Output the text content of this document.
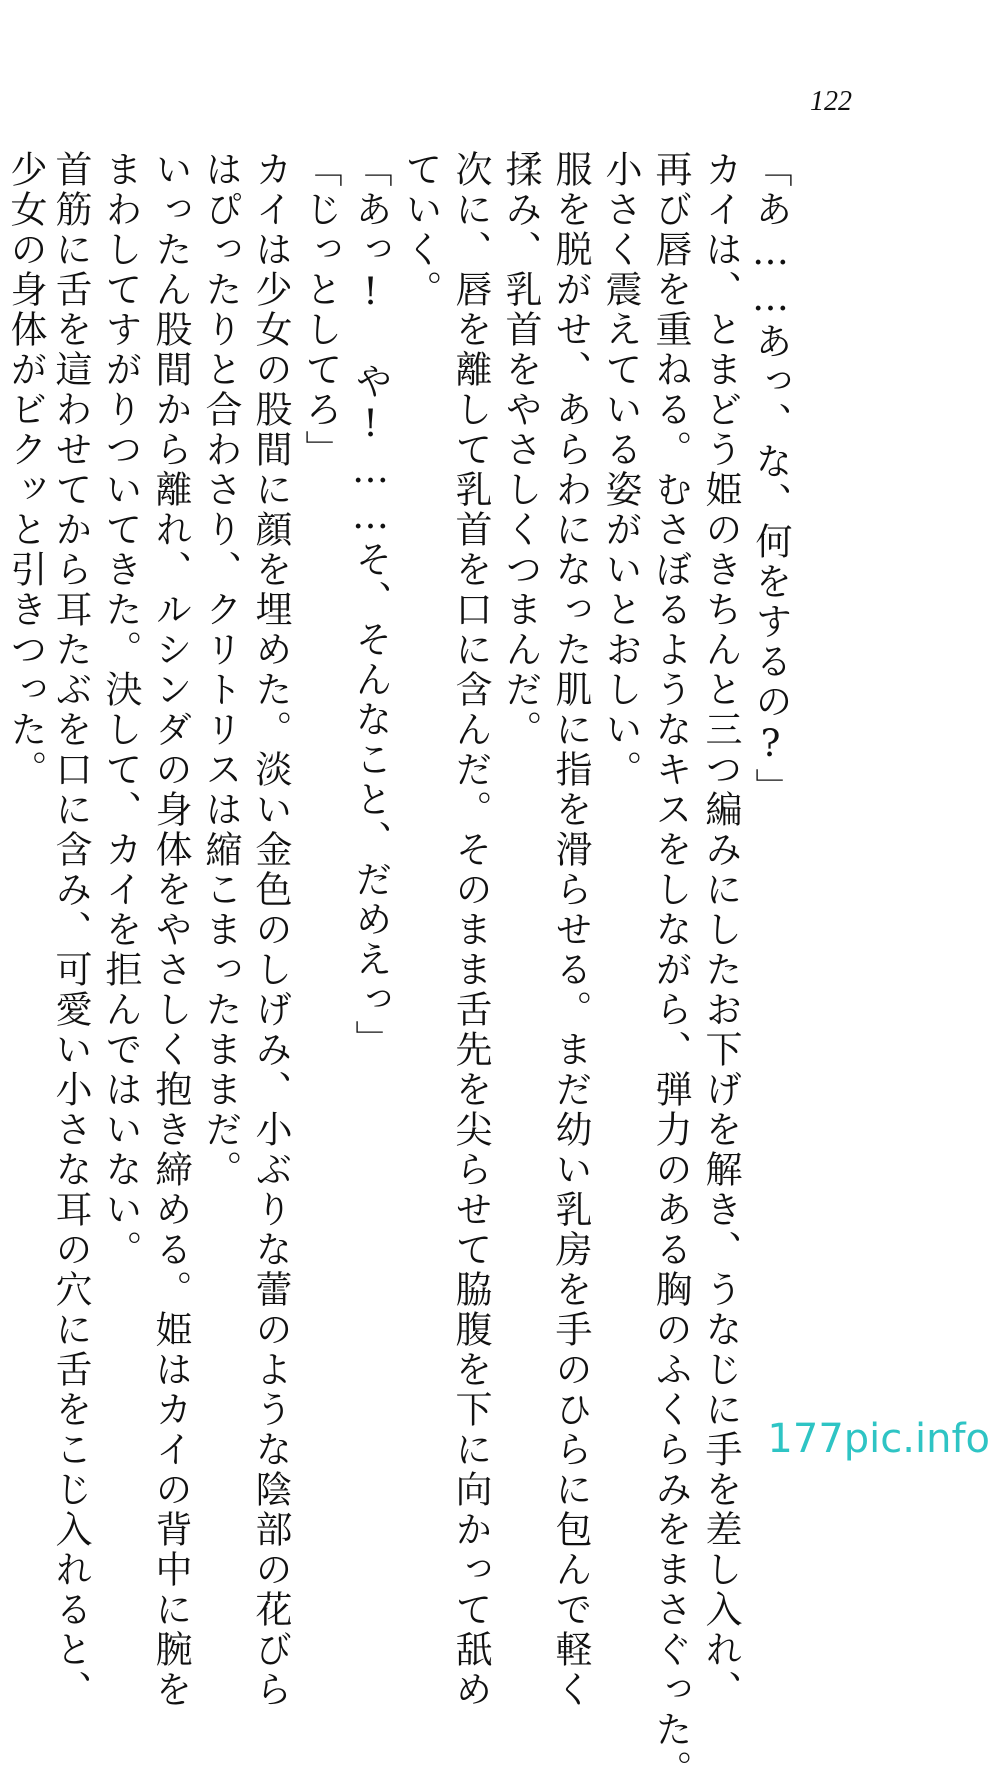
122
「あ……あっ、な、何をするの?」
カイは、とまどう姫のきちんと三つ編みにしたお下げを解き、うなじに手を差し入れ、
再び唇を重ねる。むさぼるようなキスをしながら、弾力のある胸のふくらみをまさぐった。
小さく震えている姿がいとおしい。
服を脱がせ、あらわになった肌に指を滑らせる。まだ幼い乳房を手のひらに包んで軽く
揉み、乳首をやさしくつまんだ。
次に、唇を離して乳首を口に含んだ。そのまま舌先を尖らせて脇腹を下に向かって舐め
ていく。
「あっ! や!……そ、そんなこと、だめえっ」
「じっとしてろ」
カイは少女の股間に顔を埋めた。淡い金色のしげみ、小ぶりな蕾のような陰部の花びら
はぴったりと合わさり、クリトリスは縮こまったままだ。
いったん股間から離れ、ルシンダの身体をやさしく抱き締める。姫はカイの背中に腕を
まわしてすがりついてきた。決して、カイを拒んではいない。
首筋に舌を這わせてから耳たぶを口に含み、可愛い小さな耳の穴に舌をこじ入れると、
少女の身体がビクッと引きつった。
177pic.info
